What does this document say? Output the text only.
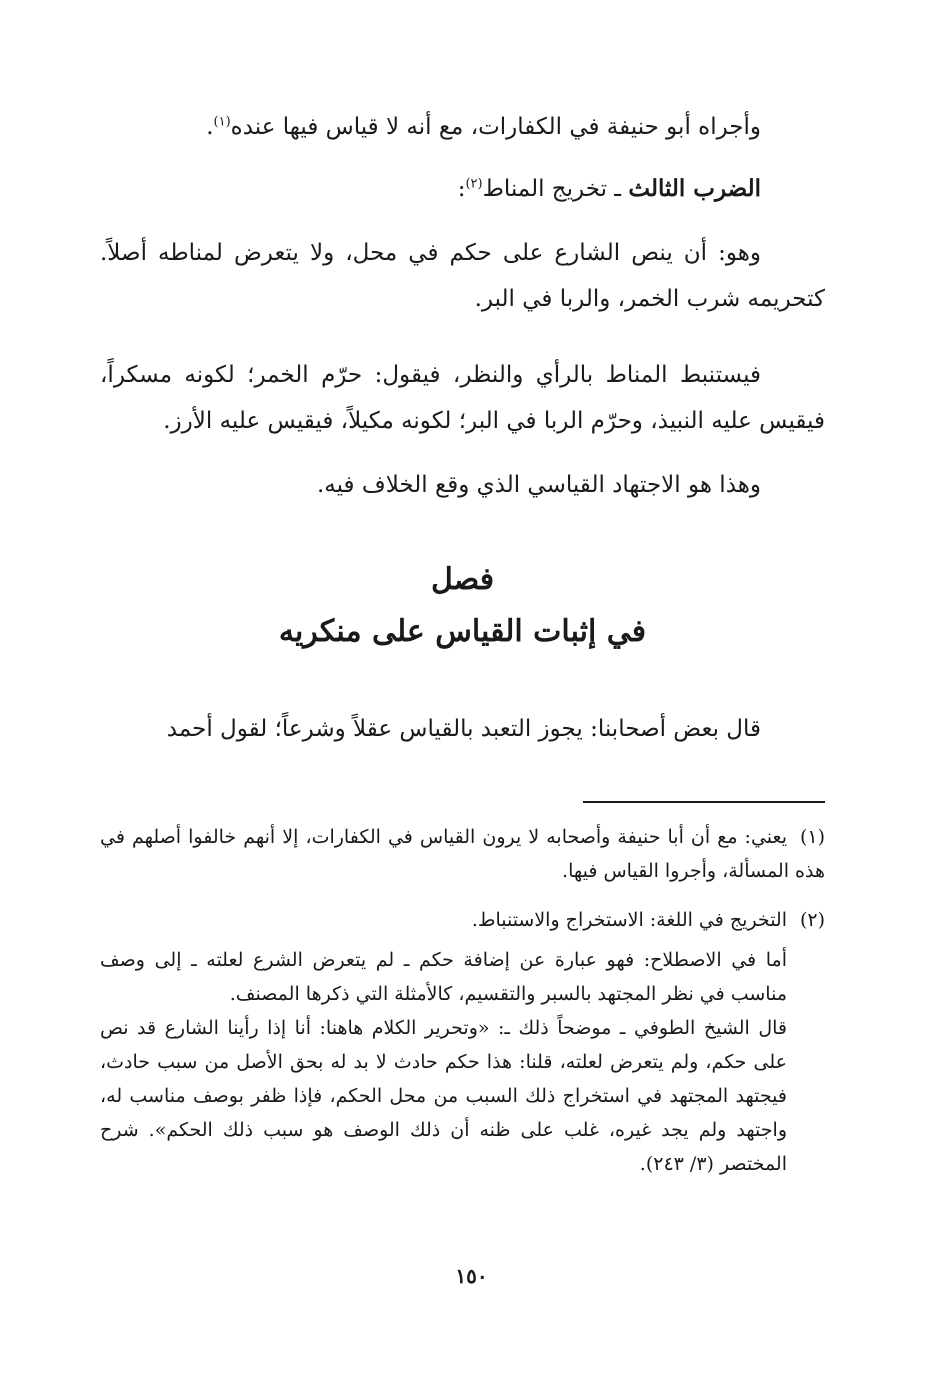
وأجراه أبو حنيفة في الكفارات، مع أنه لا قياس فيها عنده$^{(١)}$.

الضرب الثالث ـ تخريج المناط$^{(٢)}$:

وهو: أن ينص الشارع على حكم في محل، ولا يتعرض لمناطه أصلاً. كتحريمه شرب الخمر، والربا في البر.

فيستنبط المناط بالرأي والنظر، فيقول: حرّم الخمر؛ لكونه مسكراً، فيقيس عليه النبيذ، وحرّم الربا في البر؛ لكونه مكيلاً، فيقيس عليه الأرز.

وهذا هو الاجتهاد القياسي الذي وقع الخلاف فيه.

فصل
في إثبات القياس على منكريه

قال بعض أصحابنا: يجوز التعبد بالقياس عقلاً وشرعاً؛ لقول أحمد

(١)يعني: مع أن أبا حنيفة وأصحابه لا يرون القياس في الكفارات، إلا أنهم خالفوا أصلهم في هذه المسألة، وأجروا القياس فيها.
(٢)التخريج في اللغة: الاستخراج والاستنباط.
أما في الاصطلاح: فهو عبارة عن إضافة حكم ـ لم يتعرض الشرع لعلته ـ إلى وصف مناسب في نظر المجتهد بالسبر والتقسيم، كالأمثلة التي ذكرها المصنف.
قال الشيخ الطوفي ـ موضحاً ذلك ـ: «وتحرير الكلام هاهنا: أنا إذا رأينا الشارع قد نص على حكم، ولم يتعرض لعلته، قلنا: هذا حكم حادث لا بد له بحق الأصل من سبب حادث، فيجتهد المجتهد في استخراج ذلك السبب من محل الحكم، فإذا ظفر بوصف مناسب له، واجتهد ولم يجد غيره، غلب على ظنه أن ذلك الوصف هو سبب ذلك الحكم». شرح المختصر (٣/ ٢٤٣).
١٥٠
